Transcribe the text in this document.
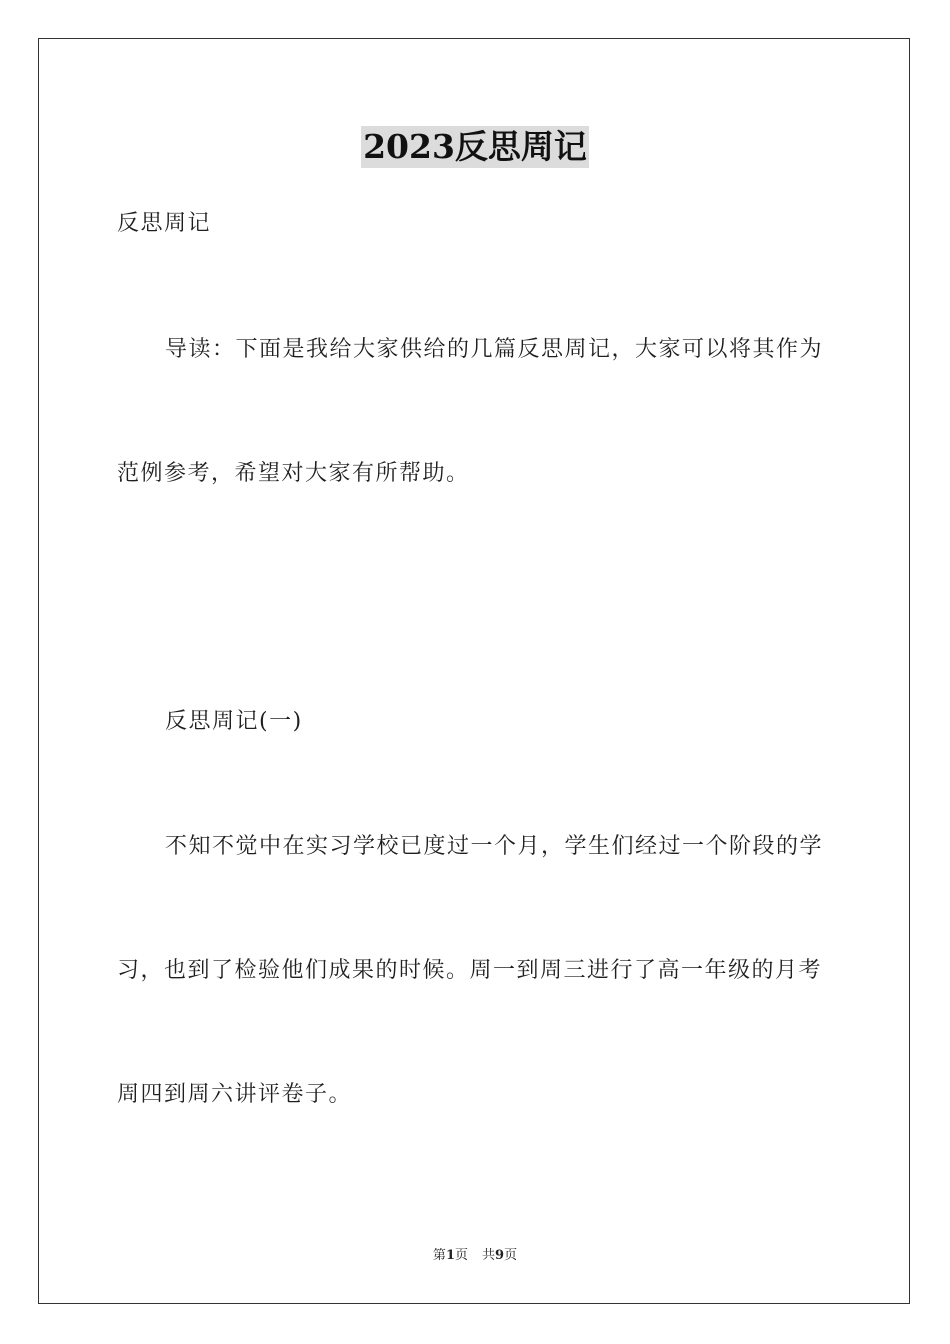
2023反思周记
反思周记
导读：下面是我给大家供给的几篇反思周记，大家可以将其作为
范例参考，希望对大家有所帮助。
反思周记(一)
不知不觉中在实习学校已度过一个月，学生们经过一个阶段的学
习，也到了检验他们成果的时候。周一到周三进行了高一年级的月考
周四到周六讲评卷子。
第1页 共9页
